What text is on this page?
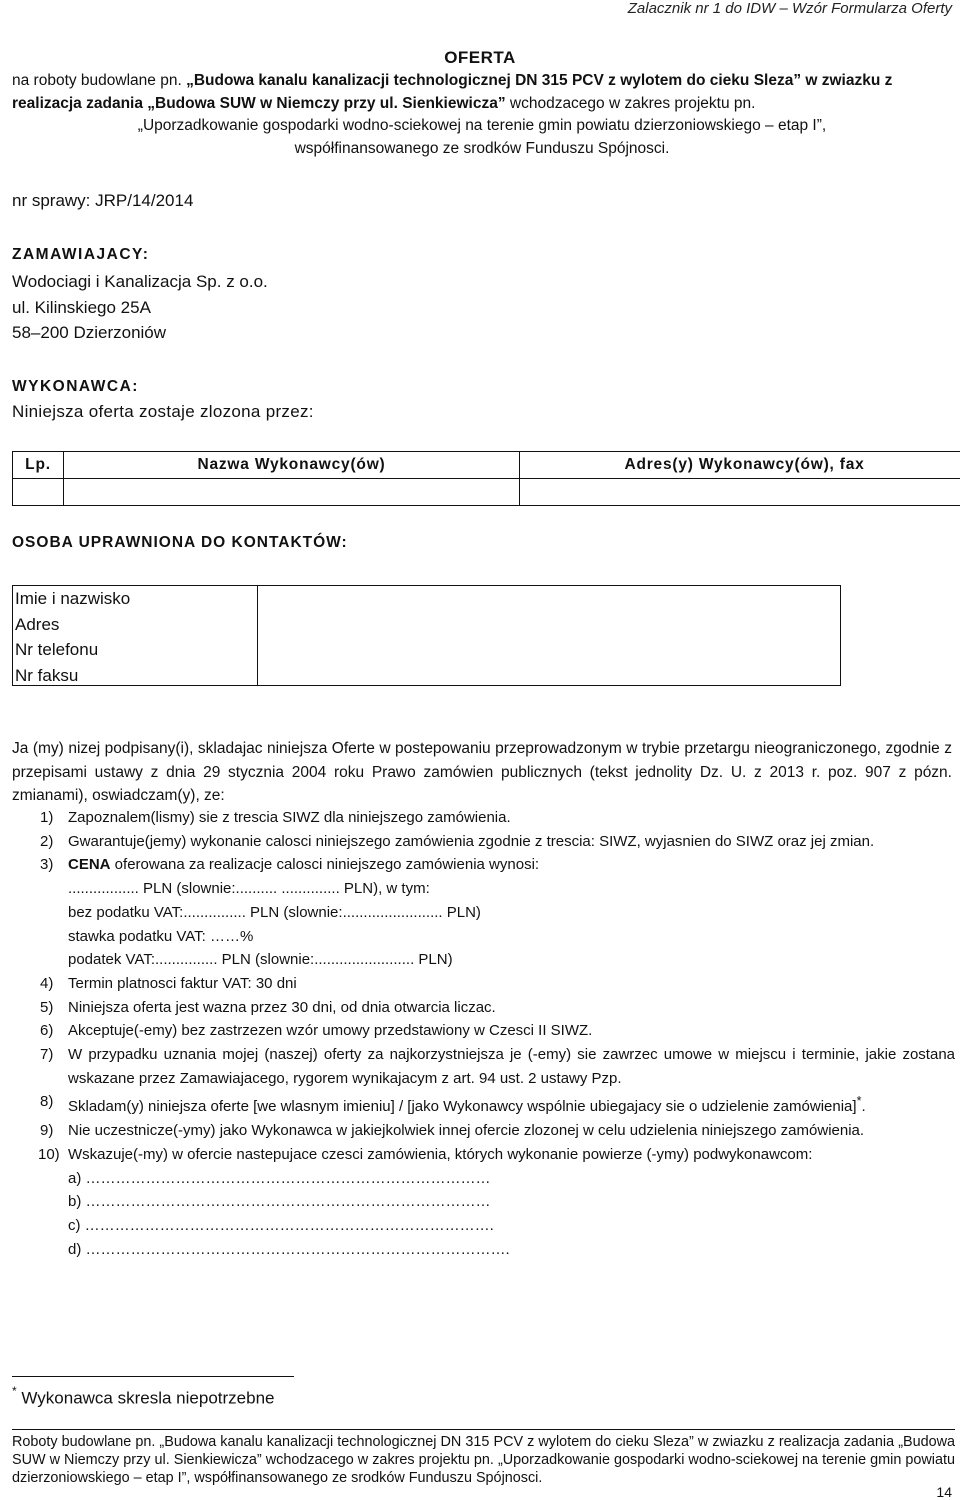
Zalacznik nr 1 do IDW – Wzór Formularza Oferty
OFERTA
na roboty budowlane pn. „Budowa kanalu kanalizacji technologicznej DN 315 PCV z wylotem do cieku Sleza” w zwiazku z realizacja zadania „Budowa SUW w Niemczy przy ul. Sienkiewicza” wchodzacego w zakres projektu pn.
„Uporzadkowanie gospodarki wodno-sciekowej na terenie gmin powiatu dzierzoniowskiego – etap I”,
współfinansowanego ze srodków Funduszu Spójnosci.
nr sprawy: JRP/14/2014
ZAMAWIAJACY:
Wodociagi i Kanalizacja Sp. z o.o.
ul. Kilinskiego 25A
58–200 Dzierzoniów
WYKONAWCA:
Niniejsza oferta zostaje zlozona przez:
Lp.	Nazwa Wykonawcy(ów)	Adres(y) Wykonawcy(ów), fax

OSOBA UPRAWNIONA DO KONTAKTÓW:
Imie i nazwisko
Adres
Nr telefonu
Nr faksu
Ja (my) nizej podpisany(i), skladajac niniejsza Oferte w postepowaniu przeprowadzonym w trybie przetargu nieograniczonego, zgodnie z przepisami ustawy z dnia 29 stycznia 2004 roku Prawo zamówien publicznych (tekst jednolity Dz. U. z 2013 r. poz. 907 z pózn. zmianami), oswiadczam(y), ze:
1) Zapoznalem(lismy) sie z trescia SIWZ dla niniejszego zamówienia.
2) Gwarantuje(jemy) wykonanie calosci niniejszego zamówienia zgodnie z trescia: SIWZ, wyjasnien do SIWZ oraz jej zmian.
3) CENA oferowana za realizacje calosci niniejszego zamówienia wynosi:
................. PLN (slownie:.......... .............. PLN), w tym:
bez podatku VAT:............... PLN (slownie:........................ PLN)
stawka podatku VAT: ……%
podatek VAT:............... PLN (slownie:........................ PLN)
4) Termin platnosci faktur VAT: 30 dni
5) Niniejsza oferta jest wazna przez 30 dni, od dnia otwarcia liczac.
6) Akceptuje(-emy) bez zastrzezen wzór umowy przedstawiony w Czesci II SIWZ.
7) W przypadku uznania mojej (naszej) oferty za najkorzystniejsza je (-emy) sie zawrzec umowe w miejscu i terminie, jakie zostana wskazane przez Zamawiajacego, rygorem wynikajacym z art. 94 ust. 2 ustawy Pzp.
8) Skladam(y) niniejsza oferte [we wlasnym imieniu] / [jako Wykonawcy wspólnie ubiegajacy sie o udzielenie zamówienia]*.
9) Nie uczestnicze(-ymy) jako Wykonawca w jakiejkolwiek innej ofercie zlozonej w celu udzielenia niniejszego zamówienia.
10) Wskazuje(-my) w ofercie nastepujace czesci zamówienia, których wykonanie powierze (-ymy) podwykonawcom:
a) ………………………………………………………………………
b) ………………………………………………………………………
c) ……………………………………………………………………….
d) ………………………………………………………………………….
* Wykonawca skresla niepotrzebne
Roboty budowlane pn. „Budowa kanalu kanalizacji technologicznej DN 315 PCV z wylotem do cieku Sleza” w zwiazku z realizacja zadania „Budowa SUW w Niemczy przy ul. Sienkiewicza” wchodzacego w zakres projektu pn. „Uporzadkowanie gospodarki wodno-sciekowej na terenie gmin powiatu dzierzoniowskiego – etap I”, współfinansowanego ze srodków Funduszu Spójnosci.
14
